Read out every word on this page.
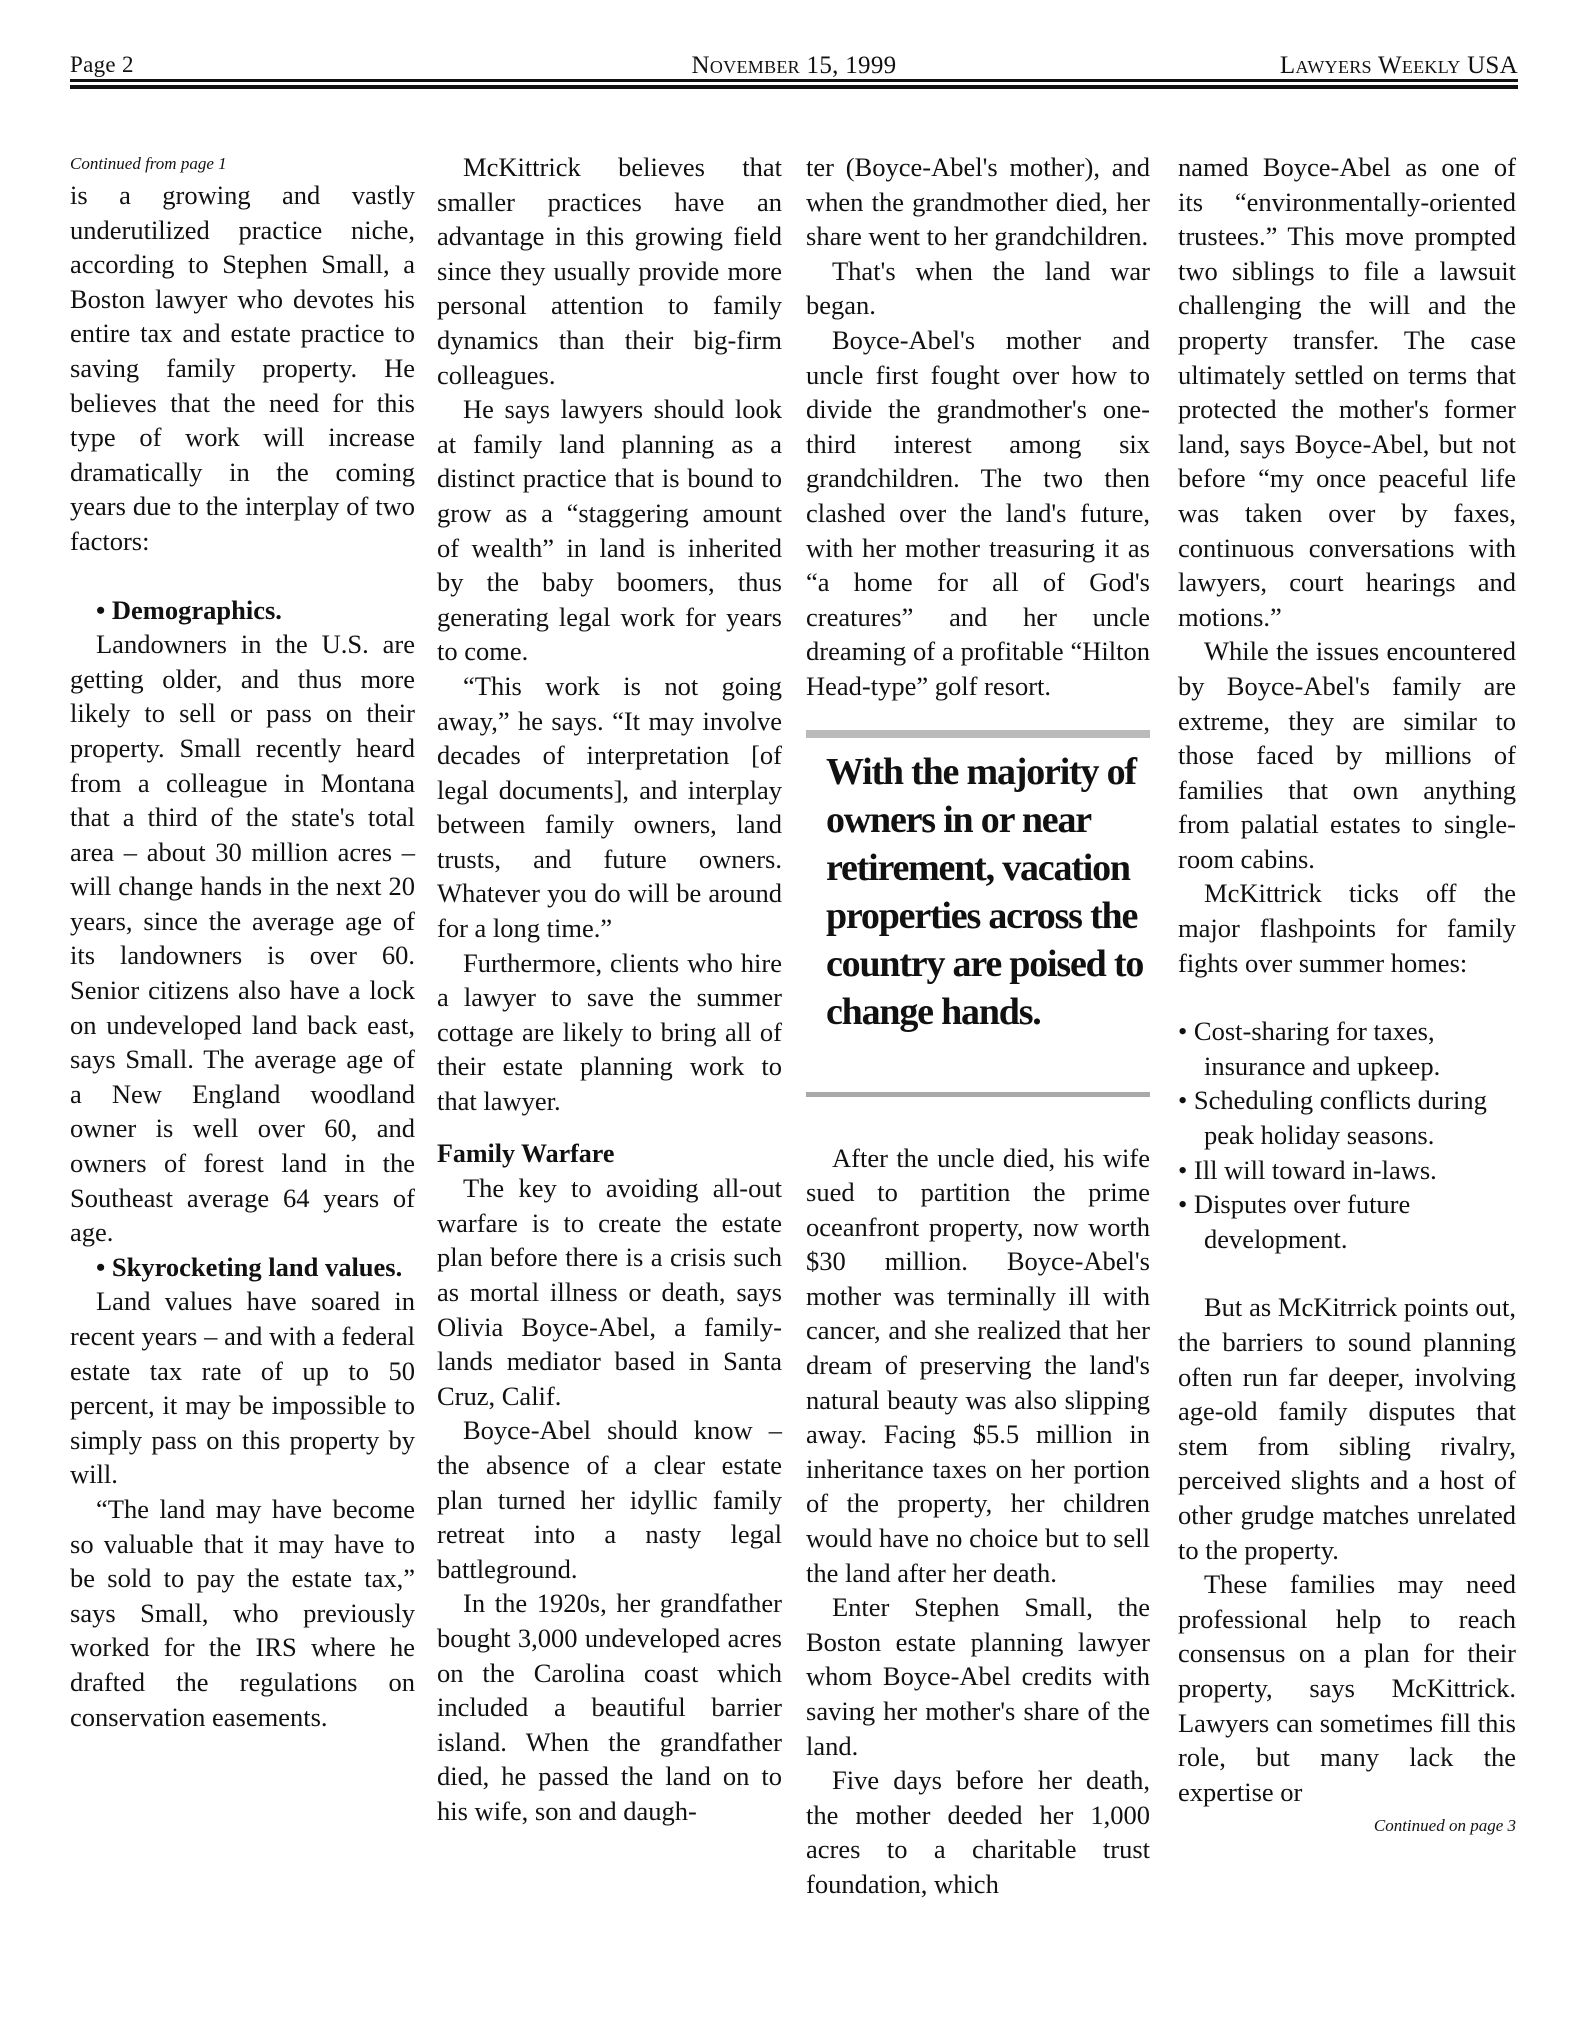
Page 2	November 15, 1999	Lawyers Weekly USA
Continued from page 1

is a growing and vastly underutilized practice niche, according to Stephen Small, a Boston lawyer who devotes his entire tax and estate practice to saving family property. He believes that the need for this type of work will increase dramatically in the coming years due to the interplay of two factors:

• Demographics.

Landowners in the U.S. are getting older, and thus more likely to sell or pass on their property. Small recently heard from a colleague in Montana that a third of the state's total area – about 30 million acres – will change hands in the next 20 years, since the average age of its landowners is over 60. Senior citizens also have a lock on undeveloped land back east, says Small. The average age of a New England woodland owner is well over 60, and owners of forest land in the Southeast average 64 years of age.

• Skyrocketing land values.

Land values have soared in recent years – and with a federal estate tax rate of up to 50 percent, it may be impossible to simply pass on this property by will.

“The land may have become so valuable that it may have to be sold to pay the estate tax,” says Small, who previously worked for the IRS where he drafted the regulations on conservation easements.

McKittrick believes that smaller practices have an advantage in this growing field since they usually provide more personal attention to family dynamics than their big-firm colleagues.

He says lawyers should look at family land planning as a distinct practice that is bound to grow as a “staggering amount of wealth” in land is inherited by the baby boomers, thus generating legal work for years to come.

“This work is not going away,” he says. “It may involve decades of interpretation [of legal documents], and interplay between family owners, land trusts, and future owners. Whatever you do will be around for a long time.”

Furthermore, clients who hire a lawyer to save the summer cottage are likely to bring all of their estate planning work to that lawyer.

Family Warfare

The key to avoiding all-out warfare is to create the estate plan before there is a crisis such as mortal illness or death, says Olivia Boyce-Abel, a family-lands mediator based in Santa Cruz, Calif.

Boyce-Abel should know – the absence of a clear estate plan turned her idyllic family retreat into a nasty legal battleground.

In the 1920s, her grandfather bought 3,000 undeveloped acres on the Carolina coast which included a beautiful barrier island. When the grandfather died, he passed the land on to his wife, son and daugh-

ter (Boyce-Abel's mother), and when the grandmother died, her share went to her grandchildren.

That's when the land war began.

Boyce-Abel's mother and uncle first fought over how to divide the grandmother's one-third interest among six grandchildren. The two then clashed over the land's future, with her mother treasuring it as “a home for all of God's creatures” and her uncle dreaming of a profitable “Hilton Head-type” golf resort.

With the majority of owners in or near retirement, vacation properties across the country are poised to change hands.

After the uncle died, his wife sued to partition the prime oceanfront property, now worth $30 million. Boyce-Abel's mother was terminally ill with cancer, and she realized that her dream of preserving the land's natural beauty was also slipping away. Facing $5.5 million in inheritance taxes on her portion of the property, her children would have no choice but to sell the land after her death.

Enter Stephen Small, the Boston estate planning lawyer whom Boyce-Abel credits with saving her mother's share of the land.

Five days before her death, the mother deeded her 1,000 acres to a charitable trust foundation, which

named Boyce-Abel as one of its “environmentally-oriented trustees.” This move prompted two siblings to file a lawsuit challenging the will and the property transfer. The case ultimately settled on terms that protected the mother's former land, says Boyce-Abel, but not before “my once peaceful life was taken over by faxes, continuous conversations with lawyers, court hearings and motions.”

While the issues encountered by Boyce-Abel's family are extreme, they are similar to those faced by millions of families that own anything from palatial estates to single-room cabins.

McKittrick ticks off the major flashpoints for family fights over summer homes:

• Cost-sharing for taxes, insurance and upkeep.

• Scheduling conflicts during peak holiday seasons.

• Ill will toward in-laws.

• Disputes over future development.

But as McKitrrick points out, the barriers to sound planning often run far deeper, involving age-old family disputes that stem from sibling rivalry, perceived slights and a host of other grudge matches unrelated to the property.

These families may need professional help to reach consensus on a plan for their property, says McKittrick. Lawyers can sometimes fill this role, but many lack the expertise or

Continued on page 3
